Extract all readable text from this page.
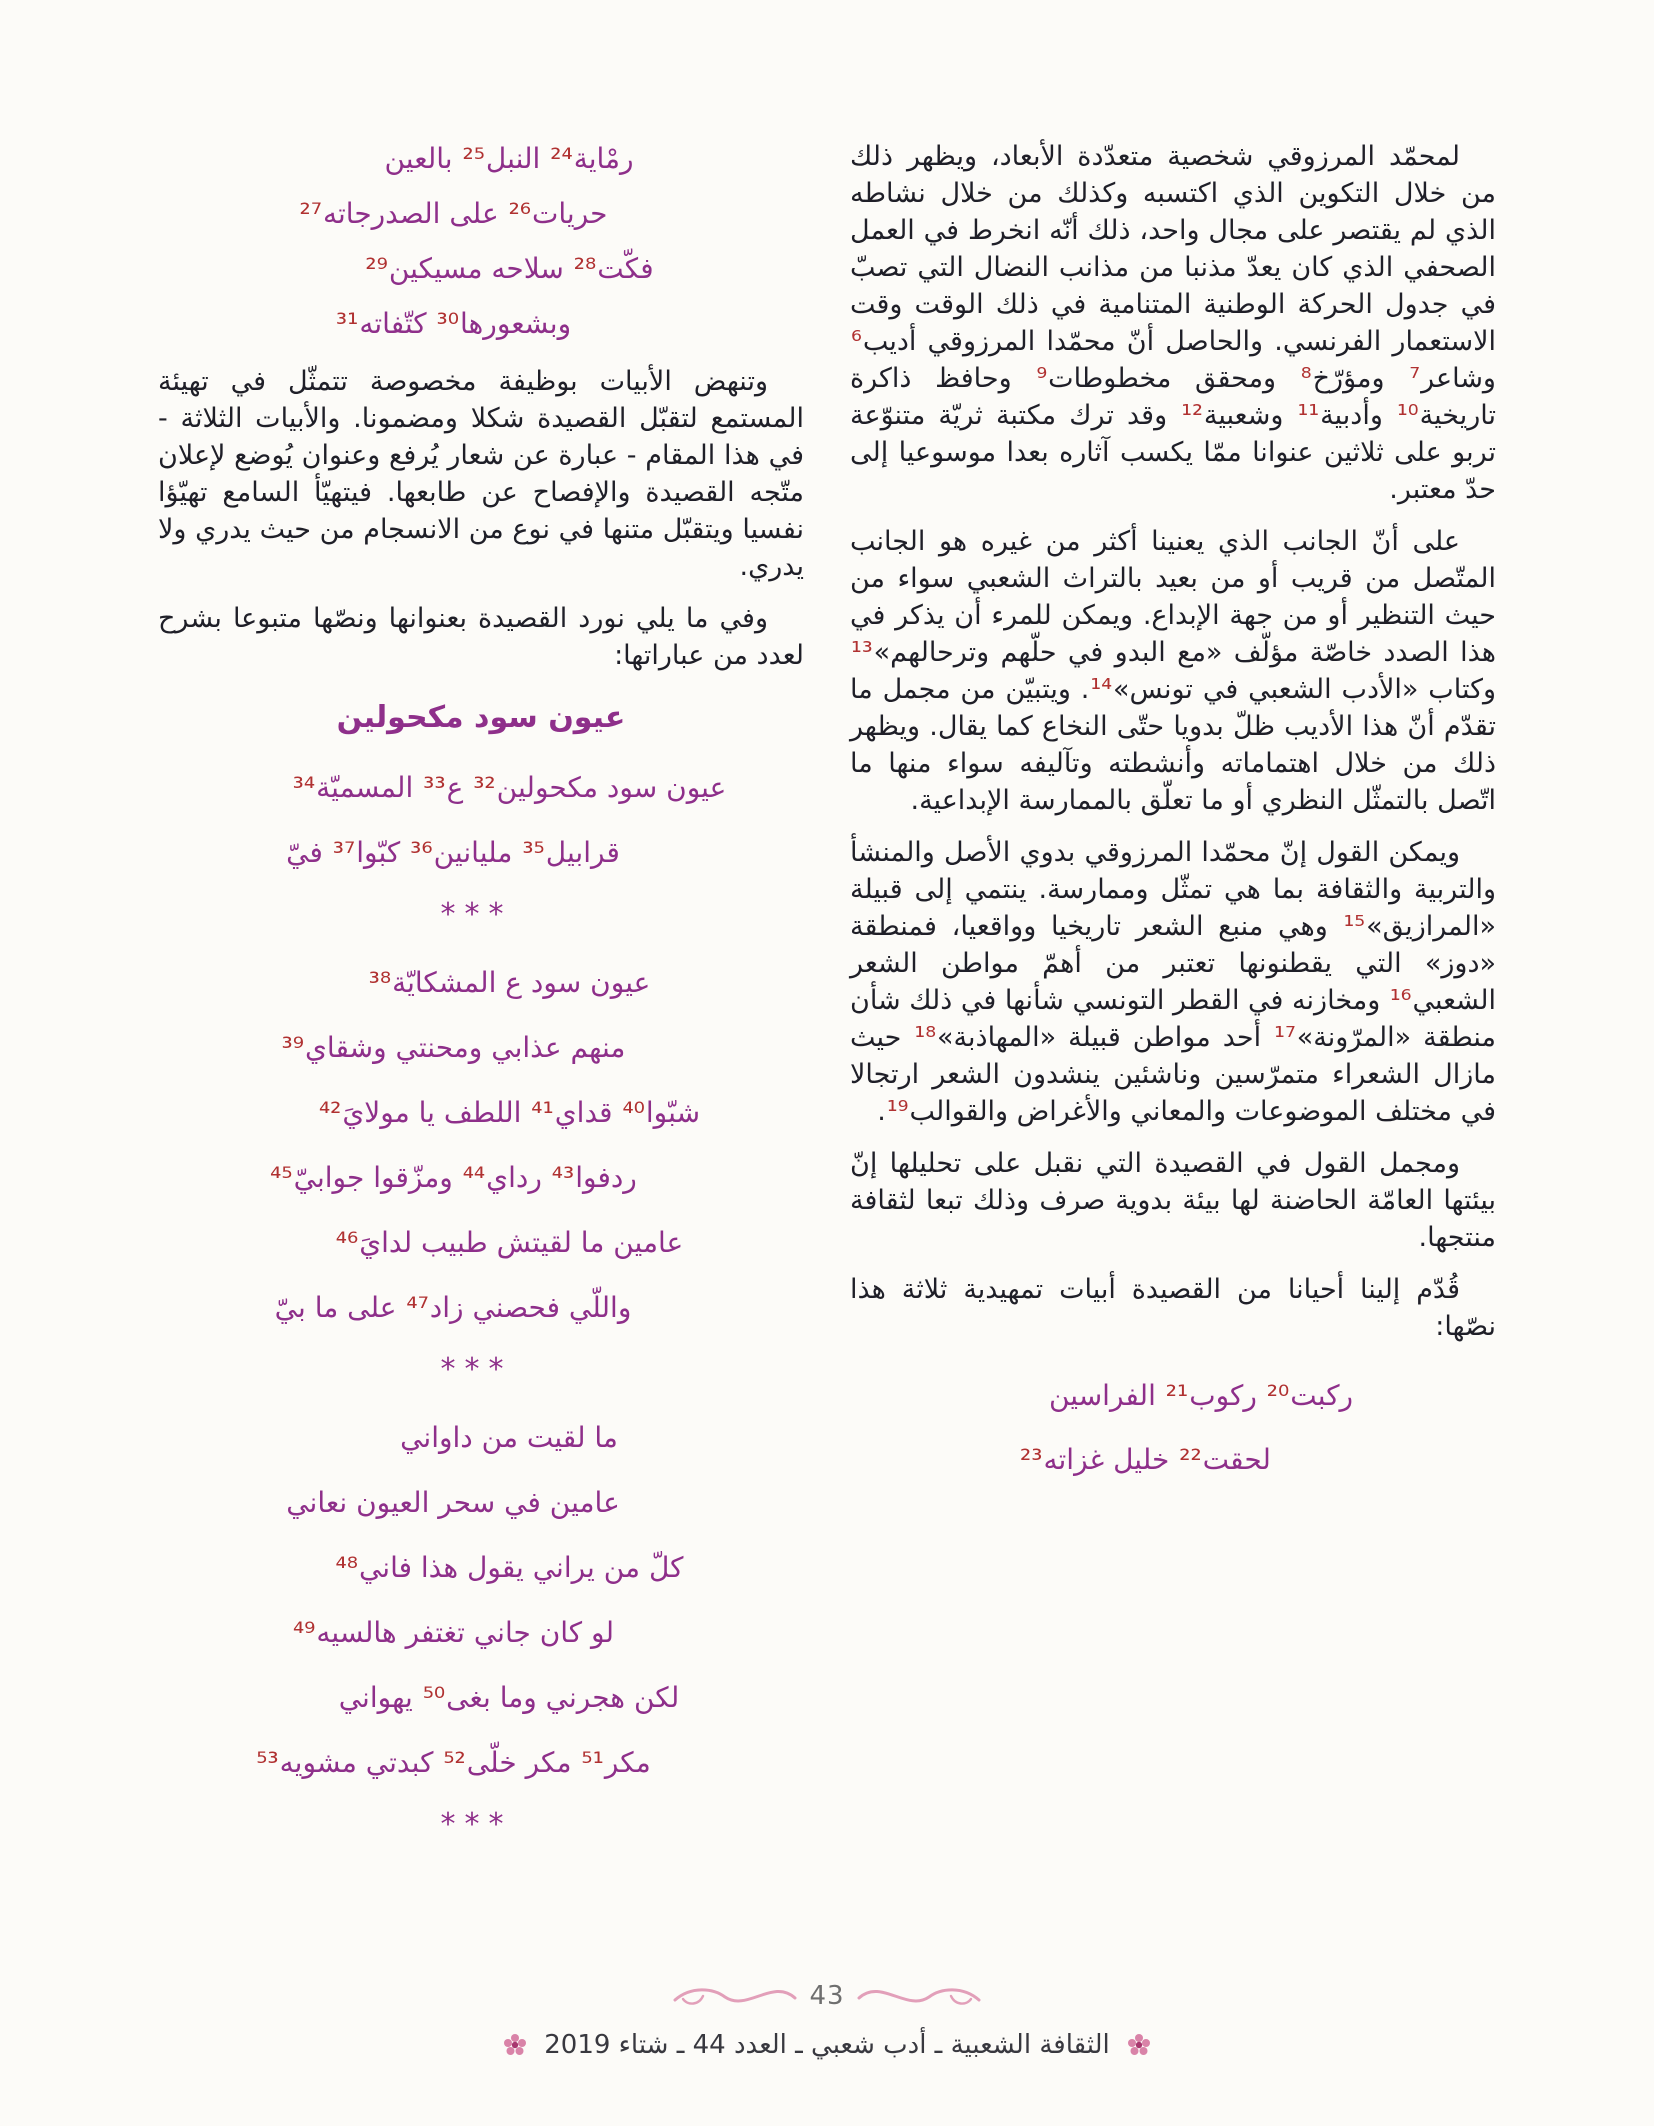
لمحمّد المرزوقي شخصية متعدّدة الأبعاد، ويظهر ذلك من خلال التكوين الذي اكتسبه وكذلك من خلال نشاطه الذي لم يقتصر على مجال واحد، ذلك أنّه انخرط في العمل الصحفي الذي كان يعدّ مذنبا من مذانب النضال التي تصبّ في جدول الحركة الوطنية المتنامية في ذلك الوقت وقت الاستعمار الفرنسي. والحاصل أنّ محمّدا المرزوقي أديب⁶ وشاعر⁷ ومؤرّخ⁸ ومحقق مخطوطات⁹ وحافظ ذاكرة تاريخية¹⁰ وأدبية¹¹ وشعبية¹² وقد ترك مكتبة ثريّة متنوّعة تربو على ثلاثين عنوانا ممّا يكسب آثاره بعدا موسوعيا إلى حدّ معتبر.

على أنّ الجانب الذي يعنينا أكثر من غيره هو الجانب المتّصل من قريب أو من بعيد بالتراث الشعبي سواء من حيث التنظير أو من جهة الإبداع. ويمكن للمرء أن يذكر في هذا الصدد خاصّة مؤلّف «مع البدو في حلّهم وترحالهم»¹³ وكتاب «الأدب الشعبي في تونس»¹⁴. ويتبيّن من مجمل ما تقدّم أنّ هذا الأديب ظلّ بدويا حتّى النخاع كما يقال. ويظهر ذلك من خلال اهتماماته وأنشطته وتآليفه سواء منها ما اتّصل بالتمثّل النظري أو ما تعلّق بالممارسة الإبداعية.

ويمكن القول إنّ محمّدا المرزوقي بدوي الأصل والمنشأ والتربية والثقافة بما هي تمثّل وممارسة. ينتمي إلى قبيلة «المرازيق»¹⁵ وهي منبع الشعر تاريخيا وواقعيا، فمنطقة «دوز» التي يقطنونها تعتبر من أهمّ مواطن الشعر الشعبي¹⁶ ومخازنه في القطر التونسي شأنها في ذلك شأن منطقة «المرّونة»¹⁷ أحد مواطن قبيلة «المهاذبة»¹⁸ حيث مازال الشعراء متمرّسين وناشئين ينشدون الشعر ارتجالا في مختلف الموضوعات والمعاني والأغراض والقوالب¹⁹.

ومجمل القول في القصيدة التي نقبل على تحليلها إنّ بيئتها العامّة الحاضنة لها بيئة بدوية صرف وذلك تبعا لثقافة منتجها.

قُدّم إلينا أحيانا من القصيدة أبيات تمهيدية ثلاثة هذا نصّها:

ركبت²⁰ ركوب²¹ الفراسين
لحقت²² خليل غزاته²³
رمْاية²⁴ النبل²⁵ بالعين
حريات²⁶ على الصدرجاته²⁷
فكّت²⁸ سلاحه مسيكين²⁹
وبشعورها³⁰ كتّفاته³¹

وتنهض الأبيات بوظيفة مخصوصة تتمثّل في تهيئة المستمع لتقبّل القصيدة شكلا ومضمونا. والأبيات الثلاثة - في هذا المقام - عبارة عن شعار يُرفع وعنوان يُوضع لإعلان متّجه القصيدة والإفصاح عن طابعها. فيتهيّأ السامع تهيّؤا نفسيا ويتقبّل متنها في نوع من الانسجام من حيث يدري ولا يدري.

وفي ما يلي نورد القصيدة بعنوانها ونصّها متبوعا بشرح لعدد من عباراتها:

عيون سود مكحولين
عيون سود مكحولين³² ع³³ المسميّة³⁴
قرابيل³⁵ مليانين³⁶ كبّوا³⁷ فيّ
***
عيون سود ع المشكايّة³⁸
منهم عذابي ومحنتي وشقاي³⁹
شبّوا⁴⁰ قداي⁴¹ اللطف يا مولايَ⁴²
ردفوا⁴³ رداي⁴⁴ ومزّقوا جوابيّ⁴⁵
عامين ما لقيتش طبيب لدايَ⁴⁶
واللّي فحصني زاد⁴⁷ على ما بيّ
***
ما لقيت من داواني
عامين في سحر العيون نعاني
كلّ من يراني يقول هذا فاني⁴⁸
لو كان جاني تغتفر هالسيه⁴⁹
لكن هجرني وما بغى⁵⁰ يهواني
مكر⁵¹ مكر خلّى⁵² كبدتي مشويه⁵³
***
43
الثقافة الشعبية ـ أدب شعبي ـ العدد 44 ـ شتاء 2019
